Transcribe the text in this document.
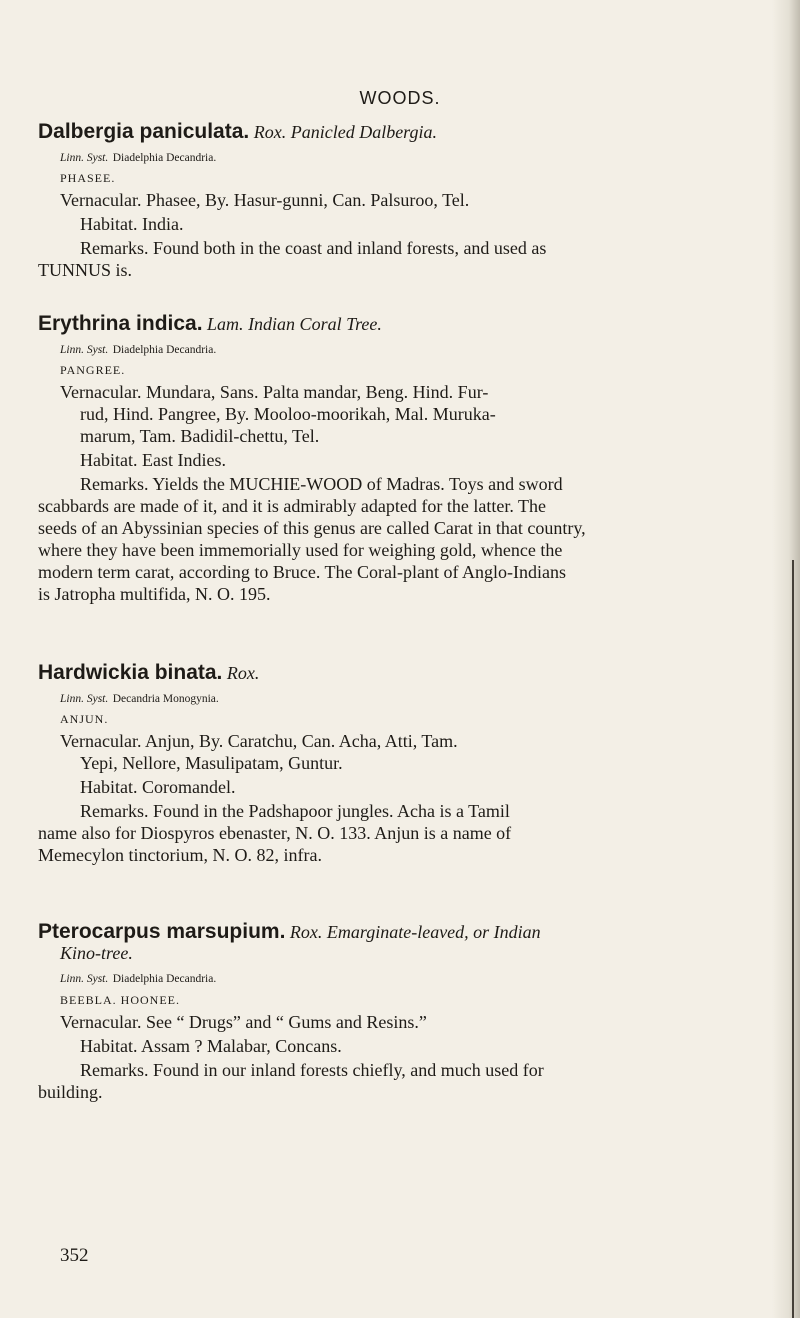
WOODS.
Dalbergia paniculata. Rox. Panicled Dalbergia.
Linn. Syst. Diadelphia Decandria.
PHASEE.
Vernacular. Phasee, By. Hasur-gunni, Can. Palsuroo, Tel.
Habitat. India.
Remarks. Found both in the coast and inland forests, and used as
TUNNUS is.
Erythrina indica. Lam. Indian Coral Tree.
Linn. Syst. Diadelphia Decandria.
PANGREE.
Vernacular. Mundara, Sans. Palta mandar, Beng. Hind. Fur-
rud, Hind. Pangree, By. Mooloo-moorikah, Mal. Muruka-
marum, Tam. Badidil-chettu, Tel.
Habitat. East Indies.
Remarks. Yields the MUCHIE-WOOD of Madras. Toys and sword
scabbards are made of it, and it is admirably adapted for the latter. The
seeds of an Abyssinian species of this genus are called Carat in that country,
where they have been immemorially used for weighing gold, whence the
modern term carat, according to Bruce. The Coral-plant of Anglo-Indians
is Jatropha multifida, N. O. 195.
Hardwickia binata. Rox.
Linn. Syst. Decandria Monogynia.
ANJUN.
Vernacular. Anjun, By. Caratchu, Can. Acha, Atti, Tam.
Yepi, Nellore, Masulipatam, Guntur.
Habitat. Coromandel.
Remarks. Found in the Padshapoor jungles. Acha is a Tamil
name also for Diospyros ebenaster, N. O. 133. Anjun is a name of
Memecylon tinctorium, N. O. 82, infra.
Pterocarpus marsupium. Rox. Emarginate-leaved, or Indian
Kino-tree.
Linn. Syst. Diadelphia Decandria.
BEEBLA. HOONEE.
Vernacular. See “ Drugs” and “ Gums and Resins.”
Habitat. Assam ? Malabar, Concans.
Remarks. Found in our inland forests chiefly, and much used for
building.
352
